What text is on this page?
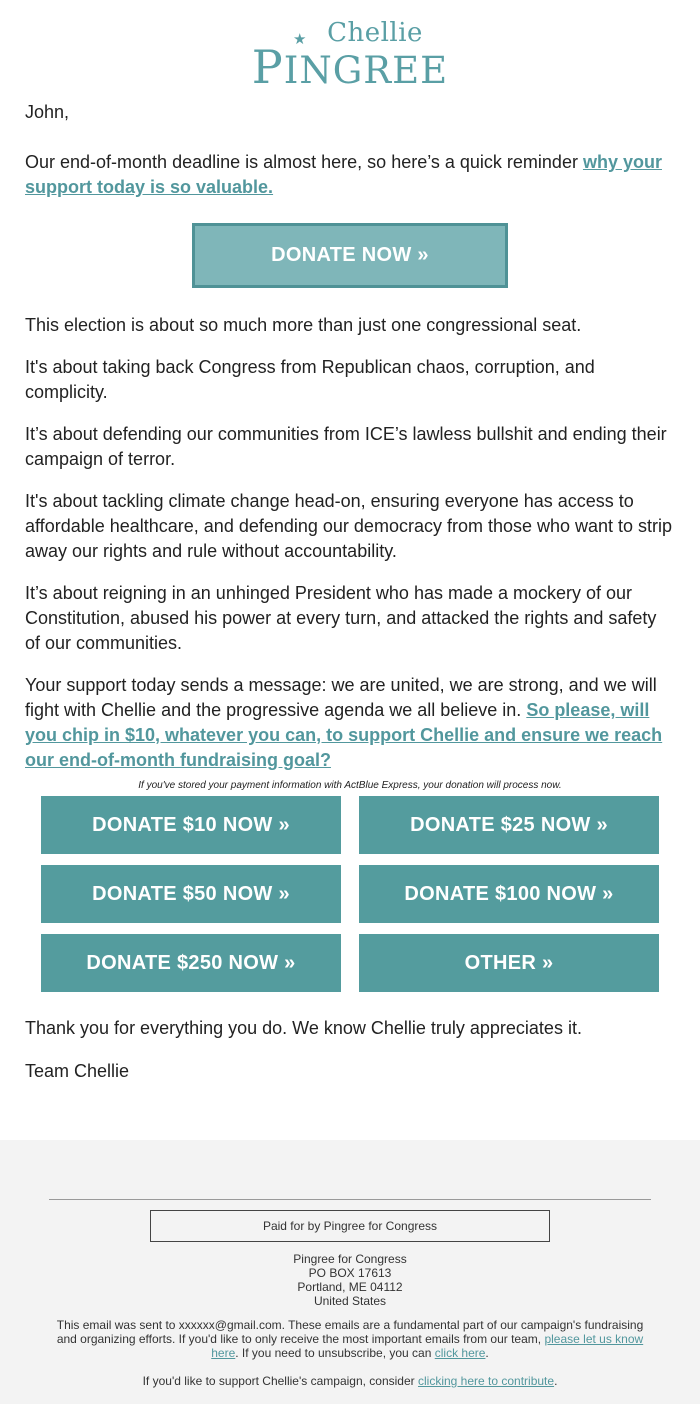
★ Chellie
PINGREE

John,

Our end-of-month deadline is almost here, so here’s a quick reminder why your support today is so valuable.

DONATE NOW »

This election is about so much more than just one congressional seat.

It's about taking back Congress from Republican chaos, corruption, and complicity.

It’s about defending our communities from ICE’s lawless bullshit and ending their campaign of terror.

It's about tackling climate change head-on, ensuring everyone has access to affordable healthcare, and defending our democracy from those who want to strip away our rights and rule without accountability.

It’s about reigning in an unhinged President who has made a mockery of our Constitution, abused his power at every turn, and attacked the rights and safety of our communities.

Your support today sends a message: we are united, we are strong, and we will fight with Chellie and the progressive agenda we all believe in. So please, will you chip in $10, whatever you can, to support Chellie and ensure we reach our end-of-month fundraising goal?

If you've stored your payment information with ActBlue Express, your donation will process now.
DONATE $10 NOW »	DONATE $25 NOW »
DONATE $50 NOW »	DONATE $100 NOW »
DONATE $250 NOW »	OTHER »

Thank you for everything you do. We know Chellie truly appreciates it.

Team Chellie

Paid for by Pingree for Congress
Pingree for Congress
PO BOX 17613
Portland, ME 04112
United States
This email was sent to xxxxxx@gmail.com. These emails are a fundamental part of our campaign's fundraising and organizing efforts. If you'd like to only receive the most important emails from our team, please let us know here. If you need to unsubscribe, you can click here.
If you'd like to support Chellie's campaign, consider clicking here to contribute.
